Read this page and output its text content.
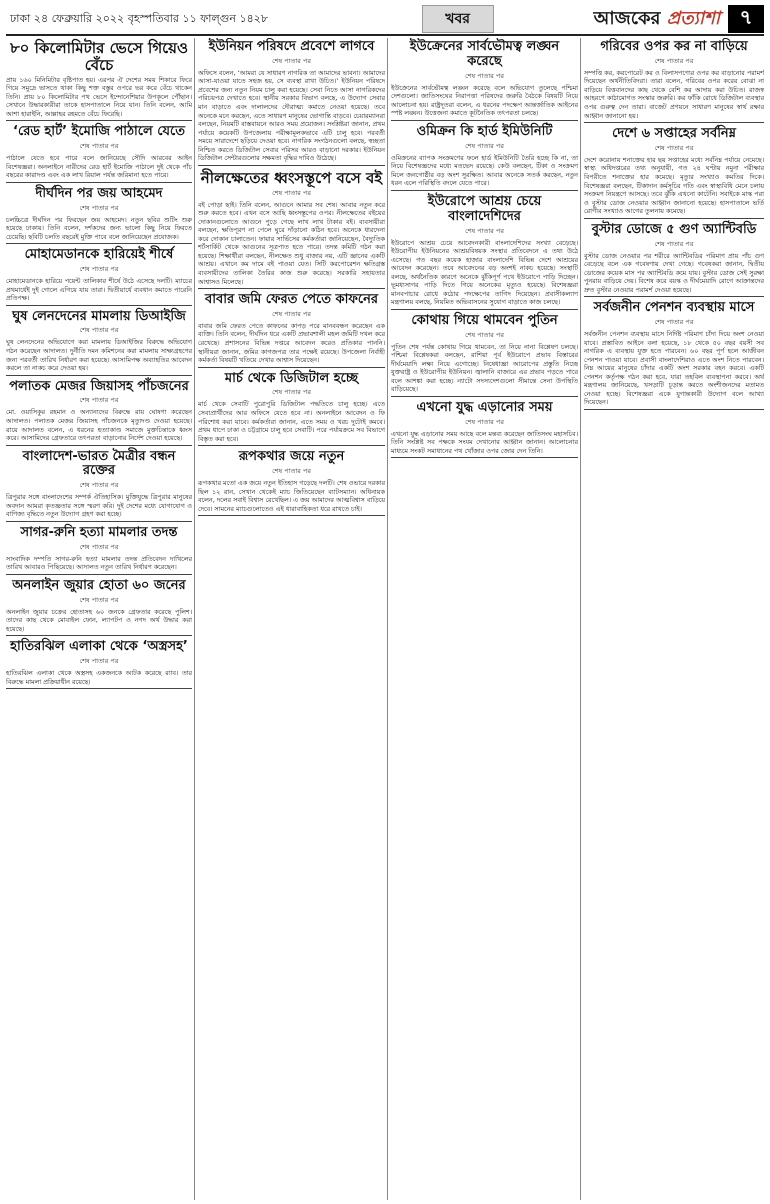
ঢাকা ২৪ ফেব্রুয়ারি ২০২২ বৃহস্পতিবার ১১ ফাল্গুন ১৪২৮	খবর	আজকের প্রত্যাশা ৭
৮০ কিলোমিটার ভেসে গিয়েও বেঁচে

প্রায় ১৬০ মিনিমিটার বৃষ্টিপাত হয়। এরপর ঐ দেশের সময় শিকারে ফিরে গিয়ে সমুদ্রে ভাসতে থাকা কিছু শক্ত বস্তুর ওপরে ভর করে বেঁচে থাকেন তিনি। প্রায় ৮০ কিলোমিটার পথ ভেসে ইন্দোনেশিয়ার উপকূলে পৌঁছান। সেখানে উদ্ধারকারীরা তাকে হাসপাতালে নিয়ে যান। তিনি বলেন, আমি আশা হারাইনি, আল্লাহর রহমতে বেঁচে ফিরেছি।

‘রেড হার্ট’ ইমোজি পাঠালে যেতে
শেষ পাতার পর

পাঠালে যেতে হবে পারে বলে জানিয়েছে সৌদি আরবের আইন বিশেষজ্ঞরা। অনলাইনে নারীদের রেড হার্ট ইমোজি পাঠালে দুই থেকে পাঁচ বছরের কারাদণ্ড এবং এক লাখ রিয়াল পর্যন্ত জরিমানা হতে পারে।

দীর্ঘদিন পর জয় আহমেদ
শেষ পাতার পর

চলচ্চিত্রে দীর্ঘদিন পর ফিরছেন জয় আহমেদ। নতুন ছবির শুটিং শুরু হয়েছে ঢাকায়। তিনি বলেন, দর্শকদের জন্য ভালো কিছু নিয়ে ফিরতে চেয়েছি। ছবিটি চলতি বছরেই মুক্তি পাবে বলে জানিয়েছেন প্রযোজক।

মোহামেডানকে হারিয়েই শীর্ষে
শেষ পাতার পর

মোহামেডানকে হারিয়ে পয়েন্ট তালিকার শীর্ষে উঠে এসেছে দলটি। ম্যাচের প্রথমার্ধেই দুই গোলে এগিয়ে যায় তারা। দ্বিতীয়ার্ধে ব্যবধান কমাতে পারেনি প্রতিপক্ষ।

ঘুষ লেনদেনের মামলায় ডিআইজি
শেষ পাতার পর

ঘুষ লেনদেনের অভিযোগে করা মামলায় ডিআইজির বিরুদ্ধে অভিযোগ গঠন করেছেন আদালত। দুর্নীতি দমন কমিশনের করা মামলায় সাক্ষ্যগ্রহণের জন্য পরবর্তী তারিখ নির্ধারণ করা হয়েছে। আসামিপক্ষ অব্যাহতির আবেদন করলে তা নাকচ করে দেওয়া হয়।

পলাতক মেজর জিয়াসহ পাঁচজনের
শেষ পাতার পর

মো. ওয়াসিকুর রহমান ও অন্যান্যদের বিরুদ্ধে রায় ঘোষণা করেছেন আদালত। পলাতক মেজর জিয়াসহ পাঁচজনকে মৃত্যুদণ্ড দেওয়া হয়েছে। রায়ে আদালত বলেন, এ ধরনের হত্যাকাণ্ড সমাজে মুক্তচিন্তাকে ধ্বংস করে। আসামিদের গ্রেফতারে তৎপরতা বাড়ানোর নির্দেশ দেওয়া হয়েছে।

বাংলাদেশ-ভারত মৈত্রীর বন্ধন রক্তের
শেষ পাতার পর

ত্রিপুরার সঙ্গে বাংলাদেশের সম্পর্ক ঐতিহাসিক। মুক্তিযুদ্ধে ত্রিপুরার মানুষের অবদান আমরা কৃতজ্ঞতার সঙ্গে স্মরণ করি। দুই দেশের মধ্যে যোগাযোগ ও বাণিজ্য বৃদ্ধিতে নতুন উদ্যোগ গ্রহণ করা হচ্ছে।

সাগর-রুনি হত্যা মামলার তদন্ত
শেষ পাতার পর

সাংবাদিক দম্পতি সাগর-রুনি হত্যা মামলার তদন্ত প্রতিবেদন দাখিলের তারিখ আবারও পিছিয়েছে। আদালত নতুন তারিখ নির্ধারণ করেছেন।

অনলাইন জুয়ার হোতা ৬০ জনের
শেষ পাতার পর

অনলাইন জুয়ার চক্রের হোতাসহ ৬০ জনকে গ্রেফতার করেছে পুলিশ। তাদের কাছ থেকে মোবাইল ফোন, ল্যাপটপ ও নগদ অর্থ উদ্ধার করা হয়েছে।

হাতিরঝিল এলাকা থেকে ‘অস্ত্রসহ’
শেষ পাতার পর

হাতিরঝিল এলাকা থেকে অস্ত্রসহ একজনকে আটক করেছে র‍্যাব। তার বিরুদ্ধে মামলা প্রক্রিয়াধীন রয়েছে।

ইউনিয়ন পরিষদে প্রবেশে লাগবে
শেষ পাতার পর

অফিসে বলেন, ‘আমরা যে সাধারণ নাগরিক তা আমাদের ভাবনা। আমাদের আসা-যাওয়া যাতে সহজ হয়, সে ব্যবস্থা রাখা উচিত।’ ইউনিয়ন পরিষদে প্রবেশের জন্য নতুন নিয়ম চালু করা হয়েছে। সেবা নিতে আসা নাগরিকদের পরিচয়পত্র দেখাতে হবে। স্থানীয় সরকার বিভাগ বলছে, এ উদ্যোগ সেবার মান বাড়াতে এবং দালালদের দৌরাত্ম্য কমাতে নেওয়া হয়েছে। তবে অনেকে মনে করছেন, এতে সাধারণ মানুষের ভোগান্তি বাড়বে। চেয়ারম্যানরা বলছেন, নিয়মটি বাস্তবায়নে আরও সময় প্রয়োজন। সংশ্লিষ্টরা জানান, প্রথম পর্যায়ে কয়েকটি উপজেলায় পরীক্ষামূলকভাবে এটি চালু হবে। পরবর্তী সময়ে সারাদেশে ছড়িয়ে দেওয়া হবে। নাগরিক সংগঠনগুলো বলছে, স্বচ্ছতা নিশ্চিত করতে ডিজিটাল সেবার পরিসর আরও বাড়ানো দরকার। ইউনিয়ন ডিজিটাল সেন্টারগুলোর সক্ষমতা বৃদ্ধির দাবিও উঠেছে।

নীলক্ষেতের ধ্বংসস্তূপে বসে বই
শেষ পাতার পর

বই পোড়া ছাই। তিনি বলেন, আগুনে আমার সব শেষ। আবার নতুন করে শুরু করতে হবে। এখন বসে আছি ধ্বংসস্তূপের ওপর। নীলক্ষেতের বইয়ের দোকানগুলোতে আগুনে পুড়ে গেছে লাখ লাখ টাকার বই। ব্যবসায়ীরা বলছেন, ক্ষতিপূরণ না পেলে ঘুরে দাঁড়ানো কঠিন হবে। অনেকে ধারদেনা করে দোকান চালাতেন। ফায়ার সার্ভিসের কর্মকর্তারা জানিয়েছেন, বৈদ্যুতিক শর্টসার্কিট থেকে আগুনের সূত্রপাত হতে পারে। তদন্ত কমিটি গঠন করা হয়েছে। শিক্ষার্থীরা বলছেন, নীলক্ষেত শুধু বাজার নয়, এটি জ্ঞানের একটি আশ্রয়। এখানে কম দামে বই পাওয়া যেত। সিটি করপোরেশন ক্ষতিগ্রস্ত ব্যবসায়ীদের তালিকা তৈরির কাজ শুরু করেছে। সরকারি সহায়তার আশ্বাসও মিলেছে।

বাবার জমি ফেরত পেতে কাফনের
শেষ পাতার পর

বাবার জমি ফেরত পেতে কাফনের কাপড় পরে মানববন্ধন করেছেন এক ব্যক্তি। তিনি বলেন, দীর্ঘদিন ধরে একটি প্রভাবশালী মহল জমিটি দখল করে রেখেছে। প্রশাসনের বিভিন্ন দপ্তরে আবেদন করেও প্রতিকার পাননি। স্থানীয়রা জানান, জমির কাগজপত্র তার পক্ষেই রয়েছে। উপজেলা নির্বাহী কর্মকর্তা বিষয়টি খতিয়ে দেখার আশ্বাস দিয়েছেন।

মার্চ থেকে ডিজিটাল হচ্ছে
শেষ পাতার পর

মার্চ থেকে সেবাটি পুরোপুরি ডিজিটাল পদ্ধতিতে চালু হচ্ছে। এতে সেবাপ্রার্থীদের আর অফিসে যেতে হবে না। অনলাইনে আবেদন ও ফি পরিশোধ করা যাবে। কর্মকর্তারা জানান, এতে সময় ও খরচ দুটোই কমবে। প্রথম ধাপে ঢাকা ও চট্টগ্রামে চালু হবে সেবাটি। পরে পর্যায়ক্রমে সব বিভাগে বিস্তৃত করা হবে।

রূপকথার জয়ে নতুন
শেষ পাতার পর

রূপকথার মতো এক জয়ে নতুন ইতিহাস গড়েছে দলটি। শেষ ওভারে দরকার ছিল ১২ রান, সেখান থেকেই ম্যাচ জিতিয়েছেন ব্যাটসম্যান। অধিনায়ক বলেন, দলের সবাই বিশ্বাস রেখেছিল। এ জয় আমাদের আত্মবিশ্বাস বাড়িয়ে দেবে। সামনের ম্যাচগুলোতেও এই ধারাবাহিকতা ধরে রাখতে চাই।

ইউক্রেনের সার্বভৌমত্ব লঙ্ঘন করেছে
শেষ পাতার পর

ইউক্রেনের সার্বভৌমত্ব লঙ্ঘন করেছে বলে অভিযোগ তুলেছে পশ্চিমা দেশগুলো। জাতিসংঘের নিরাপত্তা পরিষদের জরুরি বৈঠকে বিষয়টি নিয়ে আলোচনা হয়। রাষ্ট্রদূতরা বলেন, এ ধরনের পদক্ষেপ আন্তর্জাতিক আইনের স্পষ্ট লঙ্ঘন। উত্তেজনা কমাতে কূটনৈতিক তৎপরতা চলছে।

ওমিক্রন কি হার্ড ইমিউনিটি
শেষ পাতার পর

ওমিক্রনের ব্যাপক সংক্রমণের ফলে হার্ড ইমিউনিটি তৈরি হচ্ছে কি না, তা নিয়ে বিশেষজ্ঞদের মধ্যে মতভেদ রয়েছে। কেউ বলছেন, টিকা ও সংক্রমণ মিলে জনগোষ্ঠীর বড় অংশ সুরক্ষিত। আবার অনেকে সতর্ক করছেন, নতুন ধরন এলে পরিস্থিতি বদলে যেতে পারে।

ইউরোপে আশ্রয় চেয়ে বাংলাদেশিদের
শেষ পাতার পর

ইউরোপে আশ্রয় চেয়ে আবেদনকারী বাংলাদেশিদের সংখ্যা বেড়েছে। ইউরোপীয় ইউনিয়নের আশ্রয়বিষয়ক সংস্থার প্রতিবেদনে এ তথ্য উঠে এসেছে। গত বছর কয়েক হাজার বাংলাদেশি বিভিন্ন দেশে আশ্রয়ের আবেদন করেছেন। তবে আবেদনের বড় অংশই নাকচ হয়েছে। সংস্থাটি বলছে, অর্থনৈতিক কারণে অনেকে ঝুঁকিপূর্ণ পথে ইউরোপে পাড়ি দিচ্ছেন। ভূমধ্যসাগর পাড়ি দিতে গিয়ে অনেকের মৃত্যুও হয়েছে। বিশেষজ্ঞরা মানবপাচার রোধে কঠোর পদক্ষেপের তাগিদ দিয়েছেন। প্রবাসীকল্যাণ মন্ত্রণালয় বলছে, নিয়মিত অভিবাসনের সুযোগ বাড়াতে কাজ চলছে।

কোথায় গিয়ে থামবেন পুতিন
শেষ পাতার পর

পুতিন শেষ পর্যন্ত কোথায় গিয়ে থামবেন, তা নিয়ে নানা বিশ্লেষণ চলছে। পশ্চিমা বিশ্লেষকরা বলছেন, রাশিয়া পূর্ব ইউরোপে প্রভাব বিস্তারের দীর্ঘমেয়াদি লক্ষ্য নিয়ে এগোচ্ছে। নিষেধাজ্ঞা আরোপের প্রস্তুতি নিচ্ছে যুক্তরাষ্ট্র ও ইউরোপীয় ইউনিয়ন। জ্বালানি বাজারে এর প্রভাব পড়তে পারে বলে আশঙ্কা করা হচ্ছে। ন্যাটো সদস্যদেশগুলো সীমান্তে সেনা উপস্থিতি বাড়িয়েছে।

এখনো যুদ্ধ এড়ানোর সময়
শেষ পাতার পর

এখনো যুদ্ধ এড়ানোর সময় আছে বলে মন্তব্য করেছেন জাতিসংঘ মহাসচিব। তিনি সংশ্লিষ্ট সব পক্ষকে সংযম দেখানোর আহ্বান জানান। আলোচনার মাধ্যমে সংকট সমাধানের পথ খোঁজার ওপর জোর দেন তিনি।

গরিবের ওপর কর না বাড়িয়ে
শেষ পাতার পর

সম্পত্তি কর, করপোরেট কর ও বিলাসপণ্যের ওপর কর বাড়ানোর পরামর্শ দিয়েছেন অর্থনীতিবিদরা। তারা বলেন, গরিবের ওপর করের বোঝা না বাড়িয়ে বিত্তবানদের কাছ থেকে বেশি কর আদায় করা উচিত। রাজস্ব আহরণে কাঠামোগত সংস্কার জরুরি। কর ফাঁকি রোধে ডিজিটাল ব্যবস্থার ওপর গুরুত্ব দেন তারা। বাজেট প্রণয়নে সাধারণ মানুষের স্বার্থ রক্ষার আহ্বান জানানো হয়।

দেশে ৬ সপ্তাহের সর্বনিম্ন
শেষ পাতার পর

দেশে করোনায় শনাক্তের হার ছয় সপ্তাহের মধ্যে সর্বনিম্ন পর্যায়ে নেমেছে। স্বাস্থ্য অধিদপ্তরের তথ্য অনুযায়ী, গত ২৪ ঘণ্টায় নমুনা পরীক্ষার বিপরীতে শনাক্তের হার কমেছে। মৃত্যুর সংখ্যাও কমতির দিকে। বিশেষজ্ঞরা বলছেন, টিকাদান কর্মসূচির গতি এবং স্বাস্থ্যবিধি মেনে চলায় সংক্রমণ নিয়ন্ত্রণে আসছে। তবে ঝুঁকি এখনো কাটেনি। সবাইকে মাস্ক পরা ও বুস্টার ডোজ নেওয়ার আহ্বান জানানো হয়েছে। হাসপাতালে ভর্তি রোগীর সংখ্যাও আগের তুলনায় কমেছে।

বুস্টার ডোজে ৫ গুণ অ্যান্টিবডি
শেষ পাতার পর

বুস্টার ডোজ নেওয়ার পর শরীরে অ্যান্টিবডির পরিমাণ প্রায় পাঁচ গুণ বেড়েছে বলে এক গবেষণায় দেখা গেছে। গবেষকরা জানান, দ্বিতীয় ডোজের কয়েক মাস পর অ্যান্টিবডি কমে যায়। বুস্টার ডোজ সেই সুরক্ষা পুনরায় বাড়িয়ে দেয়। বিশেষ করে বয়স্ক ও দীর্ঘমেয়াদি রোগে আক্রান্তদের দ্রুত বুস্টার নেওয়ার পরামর্শ দেওয়া হয়েছে।

সর্বজনীন পেনশন ব্যবস্থায় মাসে
শেষ পাতার পর

সর্বজনীন পেনশন ব্যবস্থায় মাসে নির্দিষ্ট পরিমাণ চাঁদা দিয়ে অংশ নেওয়া যাবে। প্রস্তাবিত আইনে বলা হয়েছে, ১৮ থেকে ৫০ বছর বয়সী সব নাগরিক এ ব্যবস্থায় যুক্ত হতে পারবেন। ৬০ বছর পূর্ণ হলে আজীবন পেনশন পাওয়া যাবে। প্রবাসী বাংলাদেশিরাও এতে অংশ নিতে পারবেন। নিম্ন আয়ের মানুষের চাঁদার একটি অংশ সরকার বহন করবে। একটি পেনশন কর্তৃপক্ষ গঠন করা হবে, যারা তহবিল ব্যবস্থাপনা করবে। অর্থ মন্ত্রণালয় জানিয়েছে, খসড়াটি চূড়ান্ত করতে অংশীজনদের মতামত নেওয়া হচ্ছে। বিশেষজ্ঞরা একে যুগান্তকারী উদ্যোগ বলে আখ্যা দিয়েছেন।
